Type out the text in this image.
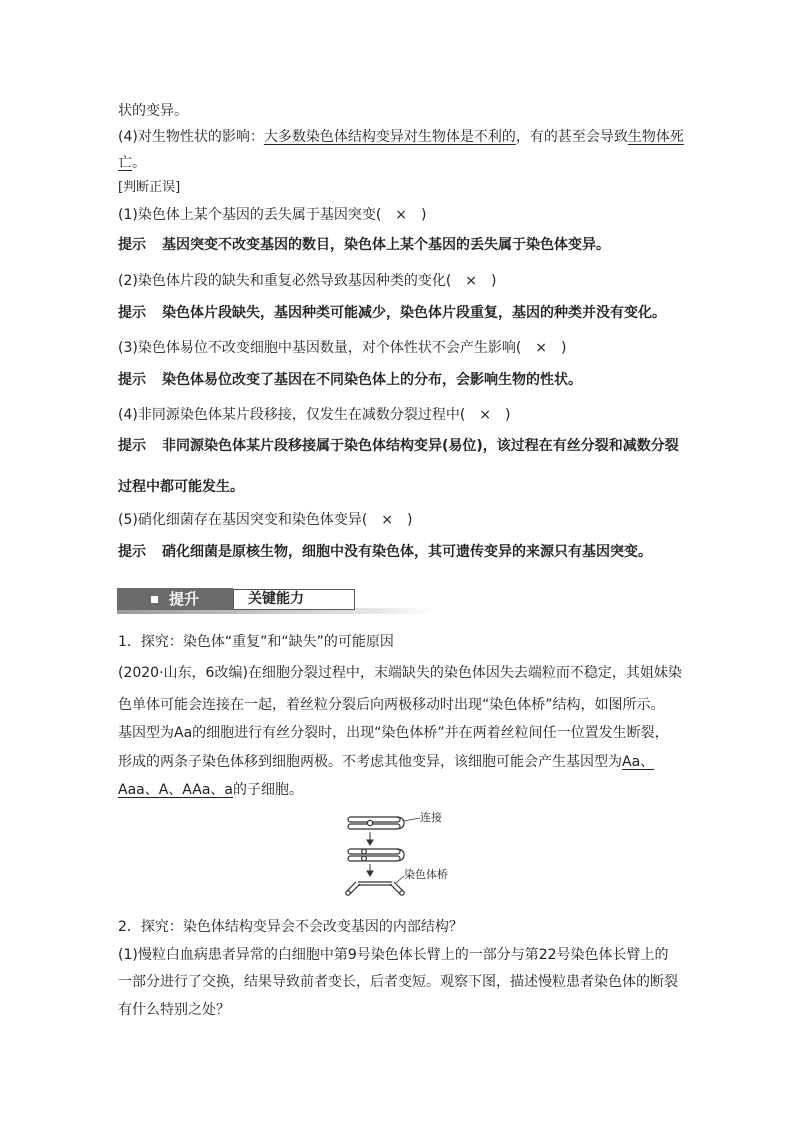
状的变异。
(4)对生物性状的影响：大多数染色体结构变异对生物体是不利的，有的甚至会导致生物体死
亡。
[判断正误]
(1)染色体上某个基因的丢失属于基因突变(　×　)
提示 基因突变不改变基因的数目，染色体上某个基因的丢失属于染色体变异。
(2)染色体片段的缺失和重复必然导致基因种类的变化(　×　)
提示 染色体片段缺失，基因种类可能减少，染色体片段重复，基因的种类并没有变化。
(3)染色体易位不改变细胞中基因数量，对个体性状不会产生影响(　×　)
提示 染色体易位改变了基因在不同染色体上的分布，会影响生物的性状。
(4)非同源染色体某片段移接，仅发生在减数分裂过程中(　×　)
提示 非同源染色体某片段移接属于染色体结构变异(易位)，该过程在有丝分裂和减数分裂
过程中都可能发生。
(5)硝化细菌存在基因突变和染色体变异(　×　)
提示 硝化细菌是原核生物，细胞中没有染色体，其可遗传变异的来源只有基因突变。
提升	关键能力
1．探究：染色体“重复”和“缺失”的可能原因
(2020·山东，6改编)在细胞分裂过程中，末端缺失的染色体因失去端粒而不稳定，其姐妹染
色单体可能会连接在一起，着丝粒分裂后向两极移动时出现“染色体桥”结构，如图所示。
基因型为Aa的细胞进行有丝分裂时，出现“染色体桥”并在两着丝粒间任一位置发生断裂，
形成的两条子染色体移到细胞两极。不考虑其他变异，该细胞可能会产生基因型为Aa、
Aaa、A、AAa、a的子细胞。
连接
染色体桥
2．探究：染色体结构变异会不会改变基因的内部结构？
(1)慢粒白血病患者异常的白细胞中第9号染色体长臂上的一部分与第22号染色体长臂上的
一部分进行了交换，结果导致前者变长，后者变短。观察下图，描述慢粒患者染色体的断裂
有什么特别之处？
